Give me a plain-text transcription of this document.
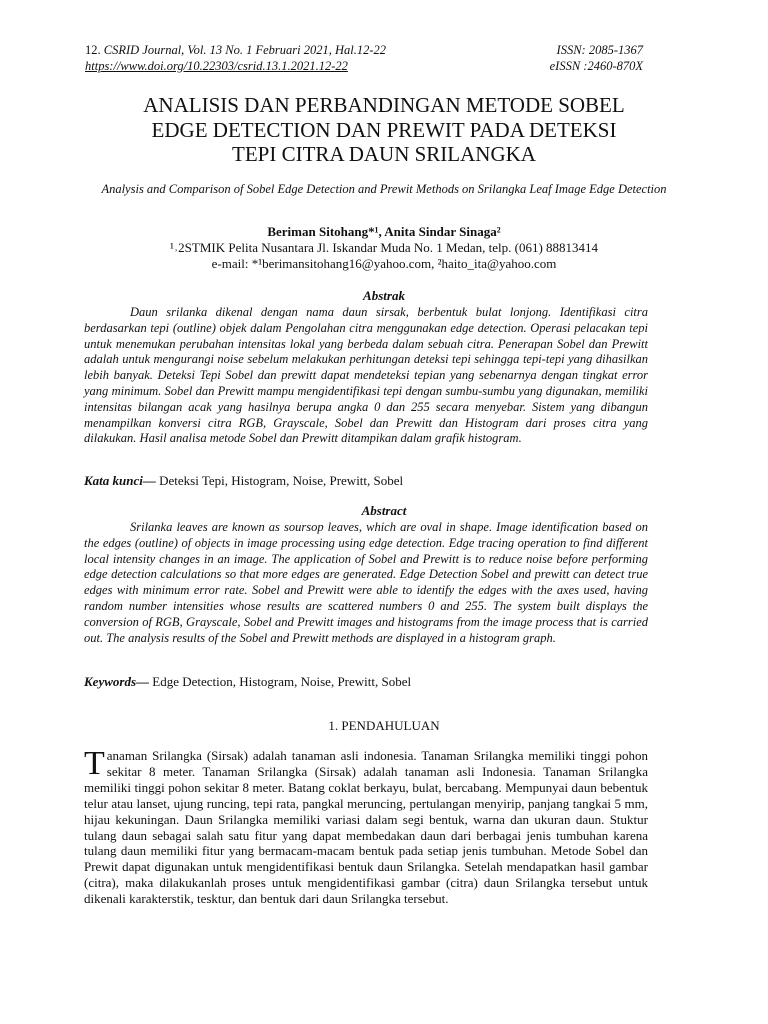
12. CSRID Journal, Vol. 13 No. 1 Februari 2021, Hal.12-22	ISSN: 2085-1367
https://www.doi.org/10.22303/csrid.13.1.2021.12-22	eISSN :2460-870X
ANALISIS DAN PERBANDINGAN METODE SOBEL
EDGE DETECTION DAN PREWIT PADA DETEKSI
TEPI CITRA DAUN SRILANGKA
Analysis and Comparison of Sobel Edge Detection and Prewit Methods on Srilangka Leaf Image Edge Detection
Beriman Sitohang*¹, Anita Sindar Sinaga²
¹˒2STMIK Pelita Nusantara Jl. Iskandar Muda No. 1 Medan, telp. (061) 88813414
e-mail: *¹berimansitohang16@yahoo.com, ²haito_ita@yahoo.com
Abstrak
Daun srilanka dikenal dengan nama daun sirsak, berbentuk bulat lonjong. Identifikasi citra berdasarkan tepi (outline) objek dalam Pengolahan citra menggunakan edge detection. Operasi pelacakan tepi untuk menemukan perubahan intensitas lokal yang berbeda dalam sebuah citra. Penerapan Sobel dan Prewitt adalah untuk mengurangi noise sebelum melakukan perhitungan deteksi tepi sehingga tepi-tepi yang dihasilkan lebih banyak. Deteksi Tepi Sobel dan prewitt dapat mendeteksi tepian yang sebenarnya dengan tingkat error yang minimum. Sobel dan Prewitt mampu mengidentifikasi tepi dengan sumbu-sumbu yang digunakan, memiliki intensitas bilangan acak yang hasilnya berupa angka 0 dan 255 secara menyebar. Sistem yang dibangun menampilkan konversi citra RGB, Grayscale, Sobel dan Prewitt dan Histogram dari proses citra yang dilakukan. Hasil analisa metode Sobel dan Prewitt ditampikan dalam grafik histogram.
Kata kunci— Deteksi Tepi, Histogram, Noise, Prewitt, Sobel
Abstract
Srilanka leaves are known as soursop leaves, which are oval in shape. Image identification based on the edges (outline) of objects in image processing using edge detection. Edge tracing operation to find different local intensity changes in an image. The application of Sobel and Prewitt is to reduce noise before performing edge detection calculations so that more edges are generated. Edge Detection Sobel and prewitt can detect true edges with minimum error rate. Sobel and Prewitt were able to identify the edges with the axes used, having random number intensities whose results are scattered numbers 0 and 255. The system built displays the conversion of RGB, Grayscale, Sobel and Prewitt images and histograms from the image process that is carried out. The analysis results of the Sobel and Prewitt methods are displayed in a histogram graph.
Keywords— Edge Detection, Histogram, Noise, Prewitt, Sobel
1. PENDAHULUAN
Tanaman Srilangka (Sirsak) adalah tanaman asli indonesia. Tanaman Srilangka memiliki tinggi pohon sekitar 8 meter. Tanaman Srilangka (Sirsak) adalah tanaman asli Indonesia. Tanaman Srilangka memiliki tinggi pohon sekitar 8 meter. Batang coklat berkayu, bulat, bercabang. Mempunyai daun bebentuk telur atau lanset, ujung runcing, tepi rata, pangkal meruncing, pertulangan menyirip, panjang tangkai 5 mm, hijau kekuningan. Daun Srilangka memiliki variasi dalam segi bentuk, warna dan ukuran daun. Stuktur tulang daun sebagai salah satu fitur yang dapat membedakan daun dari berbagai jenis tumbuhan karena tulang daun memiliki fitur yang bermacam-macam bentuk pada setiap jenis tumbuhan. Metode Sobel dan Prewit dapat digunakan untuk mengidentifikasi bentuk daun Srilangka. Setelah mendapatkan hasil gambar (citra), maka dilakukanlah proses untuk mengidentifikasi gambar (citra) daun Srilangka tersebut untuk dikenali karakterstik, tesktur, dan bentuk dari daun Srilangka tersebut.
